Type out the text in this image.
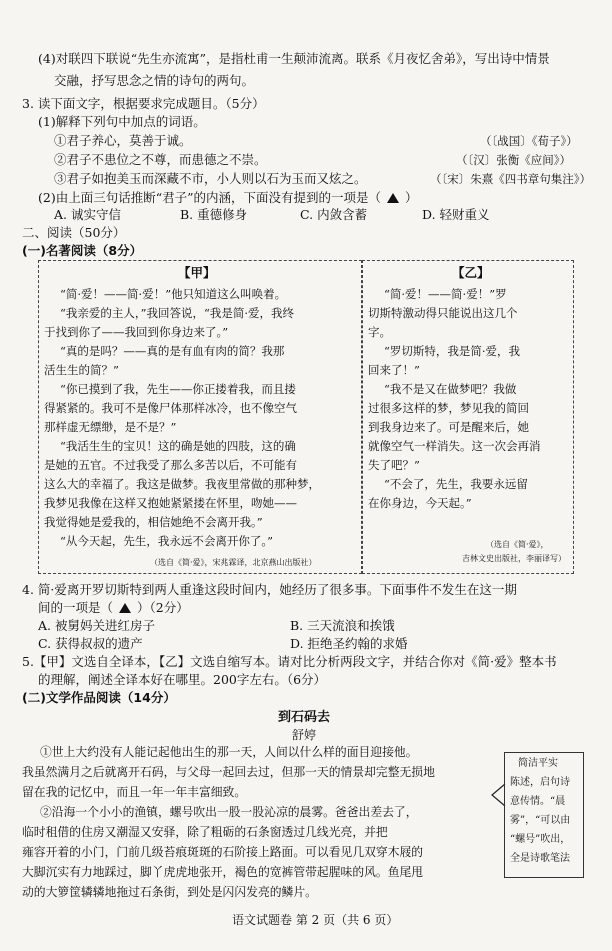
(4)对联四下联说“先生亦流寓”，是指杜甫一生颠沛流离。联系《月夜忆舍弟》，写出诗中情景
交融，抒写思念之情的诗句的两句。
3. 读下面文字，根据要求完成题目。（5分）
(1)解释下列句中加点的词语。
①君子养心，莫善于诚。	（〔战国〕《荀子》）
②君子不患位之不尊，而患德之不崇。	（〔汉〕张衡《应间》）
③君子如抱美玉而深藏不市，小人则以石为玉而又炫之。	（〔宋〕朱熹《四书章句集注》）
(2)由上面三句话推断“君子”的内涵，下面没有提到的一项是（ ）
A. 诚实守信	B. 重德修身	C. 内敛含蓄	D. 轻财重义
二、阅读（50分）
(一)名著阅读（8分）
【甲】	【乙】
“简·爱！——简·爱！”他只知道这么叫唤着。
“我亲爱的主人，”我回答说，“我是简·爱，我终
于找到你了——我回到你身边来了。”
“真的是吗？——真的是有血有肉的简？我那
活生生的简？”
“你已摸到了我，先生——你正搂着我，而且搂
得紧紧的。我可不是像尸体那样冰冷，也不像空气
那样虚无缥缈，是不是？”
“我活生生的宝贝！这的确是她的四肢，这的确
是她的五官。不过我受了那么多苦以后，不可能有
这么大的幸福了。我这是做梦。我夜里常做的那种梦，
我梦见我像在这样又抱她紧紧搂在怀里，吻她——
我觉得她是爱我的，相信她绝不会离开我。”
“从今天起，先生，我永远不会离开你了。”
（选自《简·爱》，宋兆霖译，北京燕山出版社）
“简·爱！——简·爱！”罗
切斯特激动得只能说出这几个
字。
“罗切斯特，我是简·爱，我
回来了！”
“我不是又在做梦吧？我做
过很多这样的梦，梦见我的简回
到我身边来了。可是醒来后，她
就像空气一样消失。这一次会再消
失了吧？”
“不会了，先生，我要永远留
在你身边，今天起。”
（选自《简·爱》，
吉林文史出版社，李丽译写）
4. 简·爱离开罗切斯特到两人重逢这段时间内，她经历了很多事。下面事件不发生在这一期
间的一项是（ ）（2分）
A. 被舅妈关进红房子	B. 三天流浪和挨饿
C. 获得叔叔的遗产	D. 拒绝圣约翰的求婚
5.【甲】文选自全译本，【乙】文选自缩写本。请对比分析两段文字，并结合你对《简·爱》整本书
的理解，阐述全译本好在哪里。200字左右。（6分）
(二)文学作品阅读（14分）
到石码去
舒婷
①世上大约没有人能记起他出生的那一天，人间以什么样的面目迎接他。
我虽然满月之后就离开石码，与父母一起回去过，但那一天的情景却完整无损地
留在我的记忆中，而且一年一年丰富细致。
②沿海一个小小的渔镇，螺号吹出一股一股沁凉的晨雾。爸爸出差去了，
临时租借的住房又潮湿又安驿，除了粗砺的石条窗透过几线光亮，并把
雍容开着的小门，门前几级苔痕斑斑的石阶接上路面。可以看见几双穿木屐的
大脚沉实有力地踩过，脚丫虎虎地张开，褐色的宽裤管带起腥味的风。鱼尾甩
动的大箩筐辚辚地拖过石条街，到处是闪闪发亮的鳞片。
简洁平实
陈述，启句诗
意传情。“晨
雾”，“可以由
“螺号”吹出，
全是诗歌笔法
语文试题卷 第 2 页（共 6 页）
